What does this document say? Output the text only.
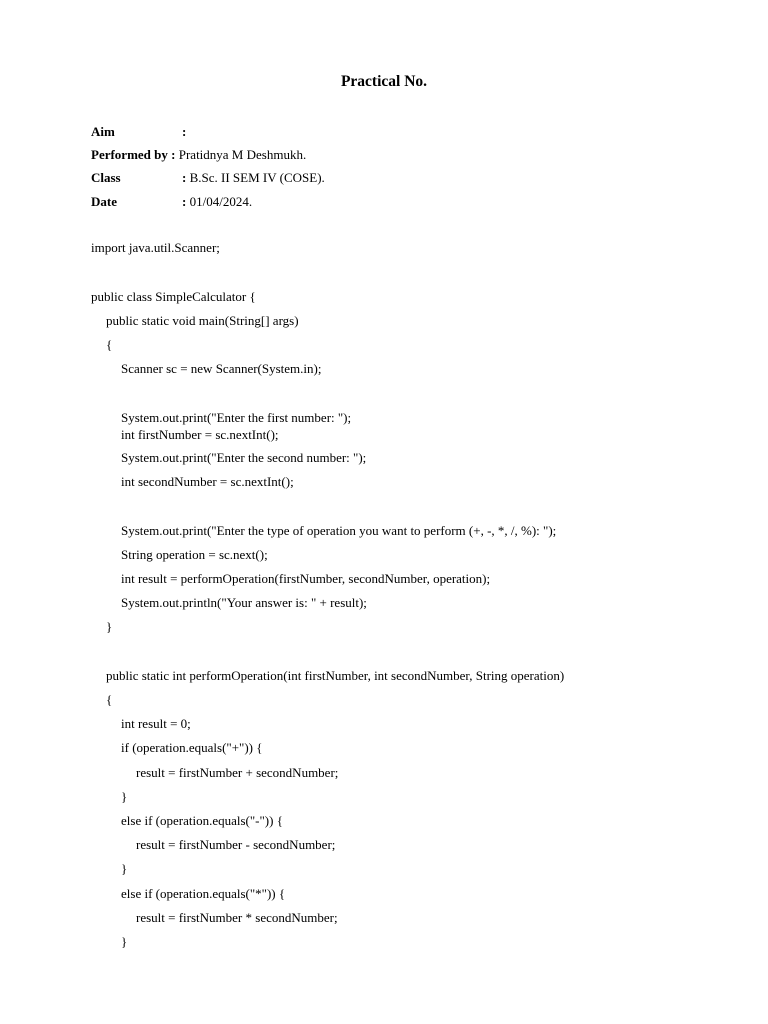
Practical No.
Aim	:
Performed by : Pratidnya M Deshmukh.
Class	: B.Sc. II SEM IV (COSE).
Date	: 01/04/2024.
import java.util.Scanner;
public class SimpleCalculator {
public static void main(String[] args)
{
Scanner sc = new Scanner(System.in);
System.out.print("Enter the first number: ");
int firstNumber = sc.nextInt();
System.out.print("Enter the second number: ");
int secondNumber = sc.nextInt();
System.out.print("Enter the type of operation you want to perform (+, -, *, /, %): ");
String operation = sc.next();
int result = performOperation(firstNumber, secondNumber, operation);
System.out.println("Your answer is: " + result);
}
public static int performOperation(int firstNumber, int secondNumber, String operation)
{
int result = 0;
if (operation.equals("+")) {
result = firstNumber + secondNumber;
}
else if (operation.equals("-")) {
result = firstNumber - secondNumber;
}
else if (operation.equals("*")) {
result = firstNumber * secondNumber;
}
